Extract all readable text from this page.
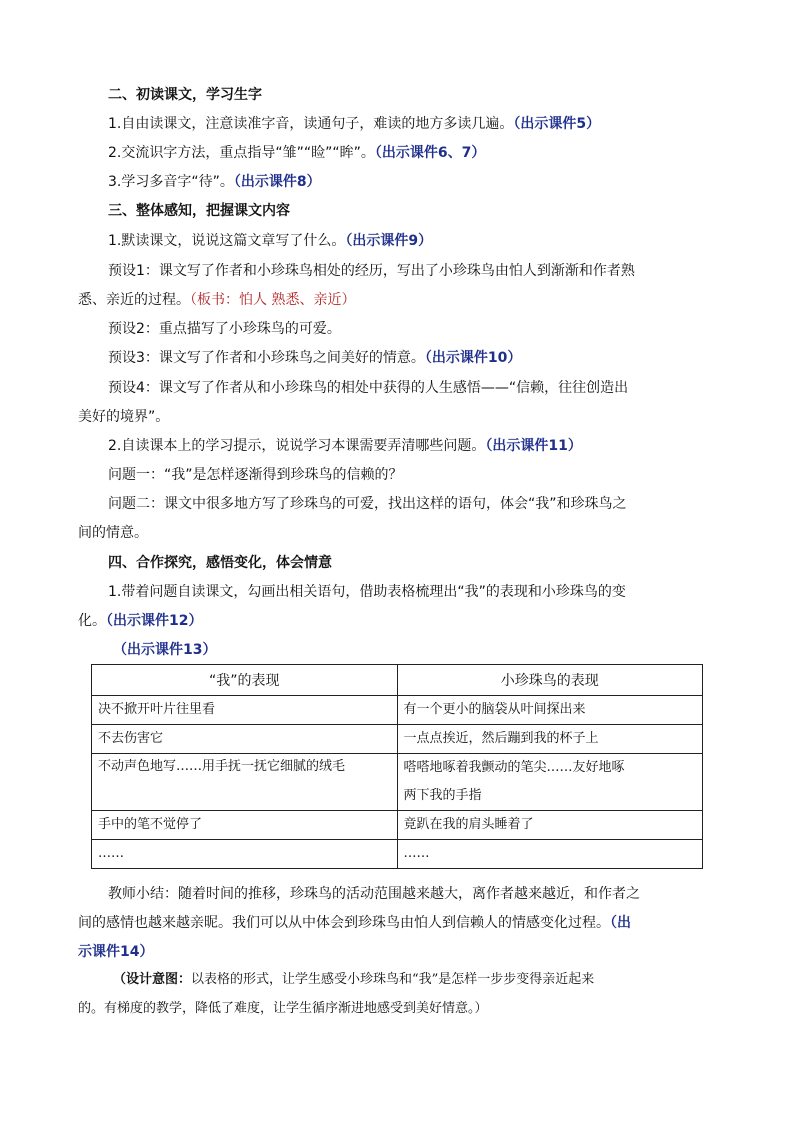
二、初读课文，学习生字
1.自由读课文，注意读准字音，读通句子，难读的地方多读几遍。（出示课件5）
2.交流识字方法，重点指导“雏”“睑”“眸”。（出示课件6、7）
3.学习多音字“待”。（出示课件8）
三、整体感知，把握课文内容
1.默读课文，说说这篇文章写了什么。（出示课件9）
预设1：课文写了作者和小珍珠鸟相处的经历，写出了小珍珠鸟由怕人到渐渐和作者熟
悉、亲近的过程。（板书：怕人 熟悉、亲近）
预设2：重点描写了小珍珠鸟的可爱。
预设3：课文写了作者和小珍珠鸟之间美好的情意。（出示课件10）
预设4：课文写了作者从和小珍珠鸟的相处中获得的人生感悟——“信赖，往往创造出
美好的境界”。
2.自读课本上的学习提示，说说学习本课需要弄清哪些问题。（出示课件11）
问题一：“我”是怎样逐渐得到珍珠鸟的信赖的？
问题二：课文中很多地方写了珍珠鸟的可爱，找出这样的语句，体会“我”和珍珠鸟之
间的情意。
四、合作探究，感悟变化，体会情意
1.带着问题自读课文，勾画出相关语句，借助表格梳理出“我”的表现和小珍珠鸟的变
化。（出示课件12）
（出示课件13）
“我”的表现	小珍珠鸟的表现
决不掀开叶片往里看	有一个更小的脑袋从叶间探出来
不去伤害它	一点点挨近，然后蹦到我的杯子上
不动声色地写……用手抚一抚它细腻的绒毛	嗒嗒地啄着我颤动的笔尖……友好地啄
	两下我的手指
手中的笔不觉停了	竟趴在我的肩头睡着了
……	……
教师小结：随着时间的推移，珍珠鸟的活动范围越来越大，离作者越来越近，和作者之
间的感情也越来越亲昵。我们可以从中体会到珍珠鸟由怕人到信赖人的情感变化过程。（出
示课件14）
（设计意图：以表格的形式，让学生感受小珍珠鸟和“我”是怎样一步步变得亲近起来
的。有梯度的教学，降低了难度，让学生循序渐进地感受到美好情意。）
